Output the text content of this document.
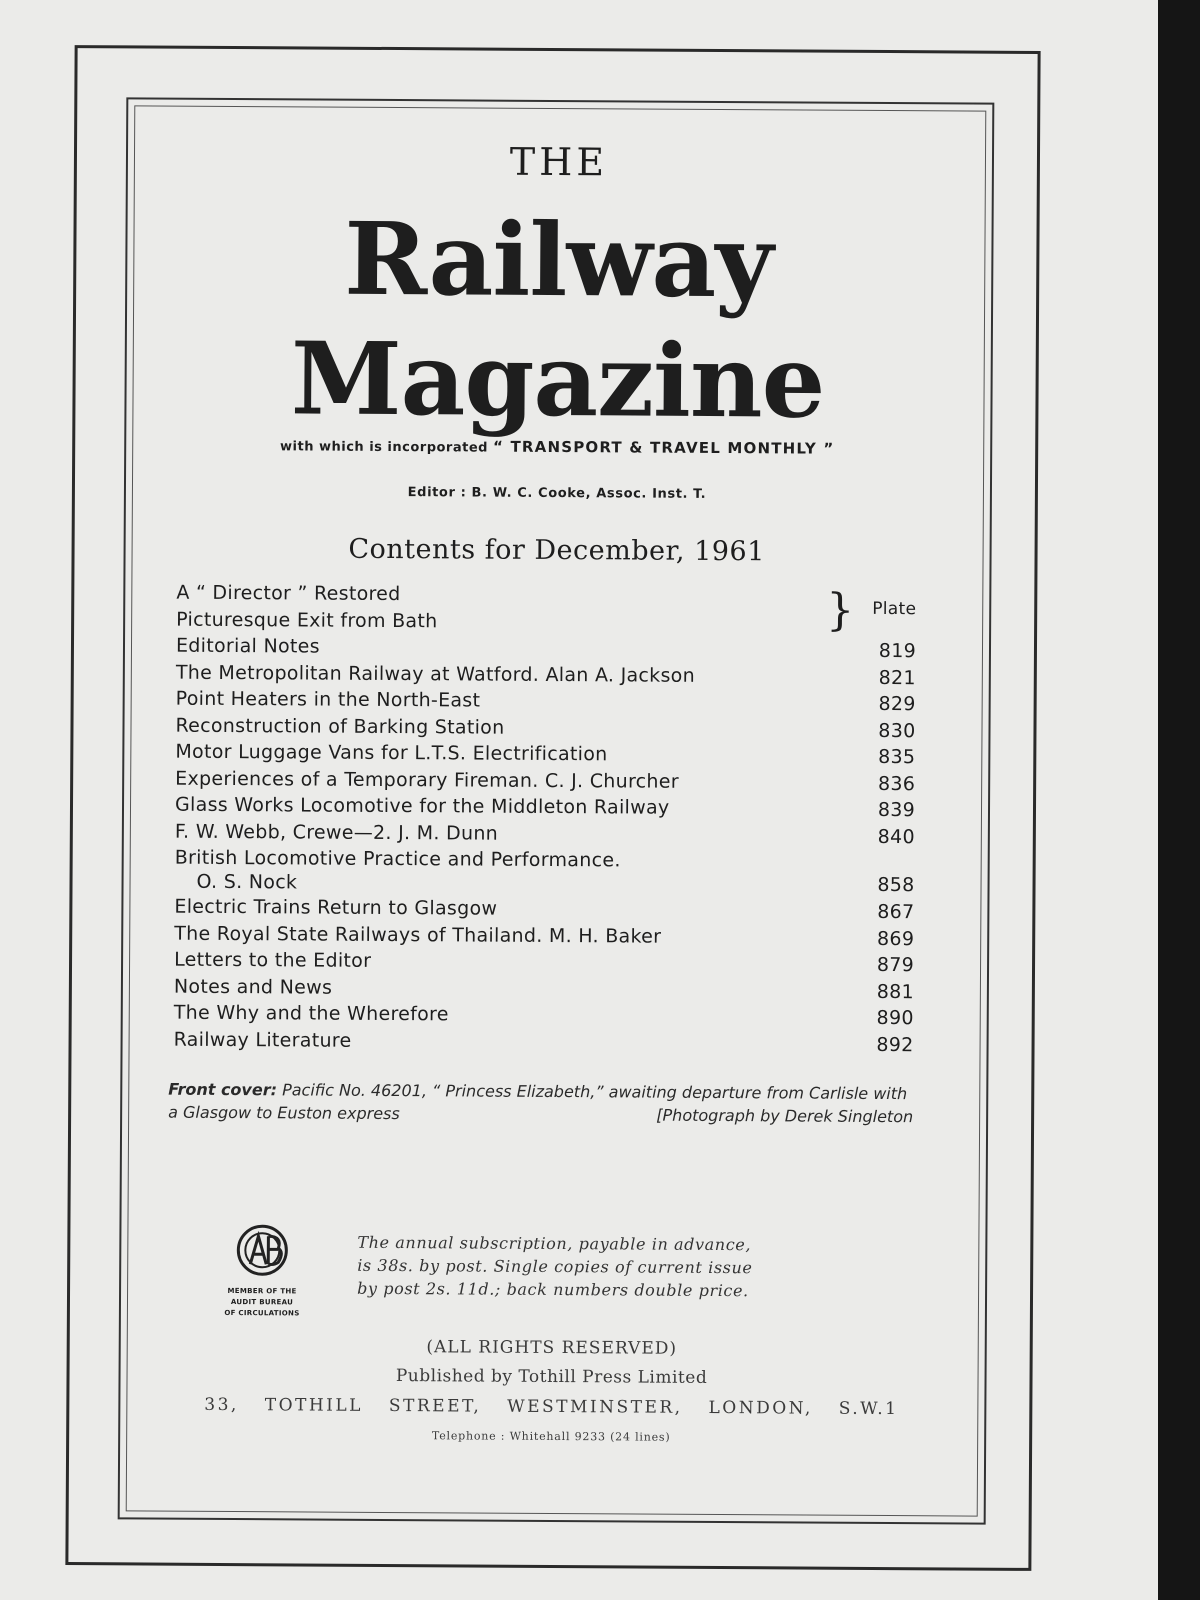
THE
Railway
Magazine
with which is incorporated “ TRANSPORT & TRAVEL MONTHLY ”
Editor : B. W. C. Cooke, Assoc. Inst. T.
Contents for December, 1961
A “ Director ” Restored
Picturesque Exit from Bath	} Plate
Editorial Notes	819
The Metropolitan Railway at Watford. Alan A. Jackson	821
Point Heaters in the North-East	829
Reconstruction of Barking Station	830
Motor Luggage Vans for L.T.S. Electrification	835
Experiences of a Temporary Fireman. C. J. Churcher	836
Glass Works Locomotive for the Middleton Railway	839
F. W. Webb, Crewe—2. J. M. Dunn	840
British Locomotive Practice and Performance.
O. S. Nock	858
Electric Trains Return to Glasgow	867
The Royal State Railways of Thailand. M. H. Baker	869
Letters to the Editor	879
Notes and News	881
The Why and the Wherefore	890
Railway Literature	892
Front cover: Pacific No. 46201, “ Princess Elizabeth,” awaiting departure from Carlisle with a Glasgow to Euston express	[Photograph by Derek Singleton
MEMBER OF THE
AUDIT BUREAU
OF CIRCULATIONS
The annual subscription, payable in advance,
is 38s. by post. Single copies of current issue
by post 2s. 11d.; back numbers double price.
(ALL RIGHTS RESERVED)
Published by Tothill Press Limited
33, TOTHILL STREET, WESTMINSTER, LONDON, S.W.1
Telephone : Whitehall 9233 (24 lines)
